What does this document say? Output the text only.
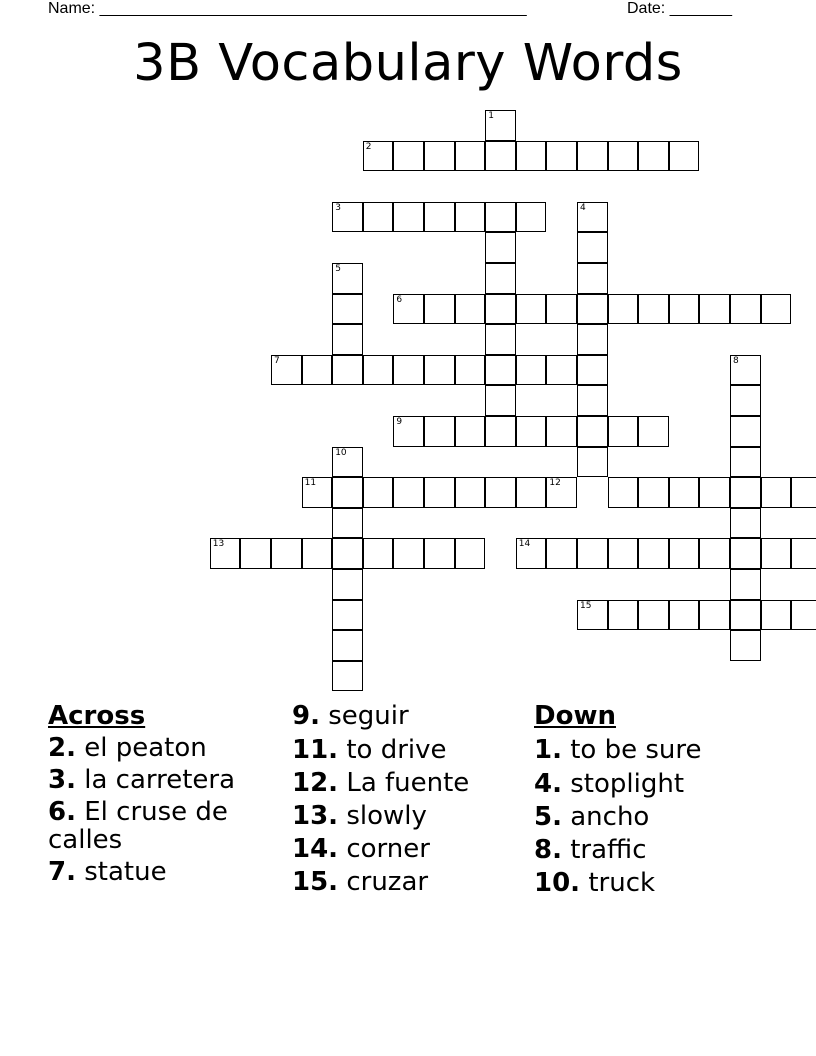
Name: ________________________________________________	Date: _______
3B Vocabulary Words
2
3	4
5
6
7	8
9
10
11	12
13	14
15
1
Across
2. el peaton
3. la carretera
6. El cruse de calles
7. statue
9. seguir
11. to drive
12. La fuente
13. slowly
14. corner
15. cruzar
Down
1. to be sure
4. stoplight
5. ancho
8. traffic
10. truck
